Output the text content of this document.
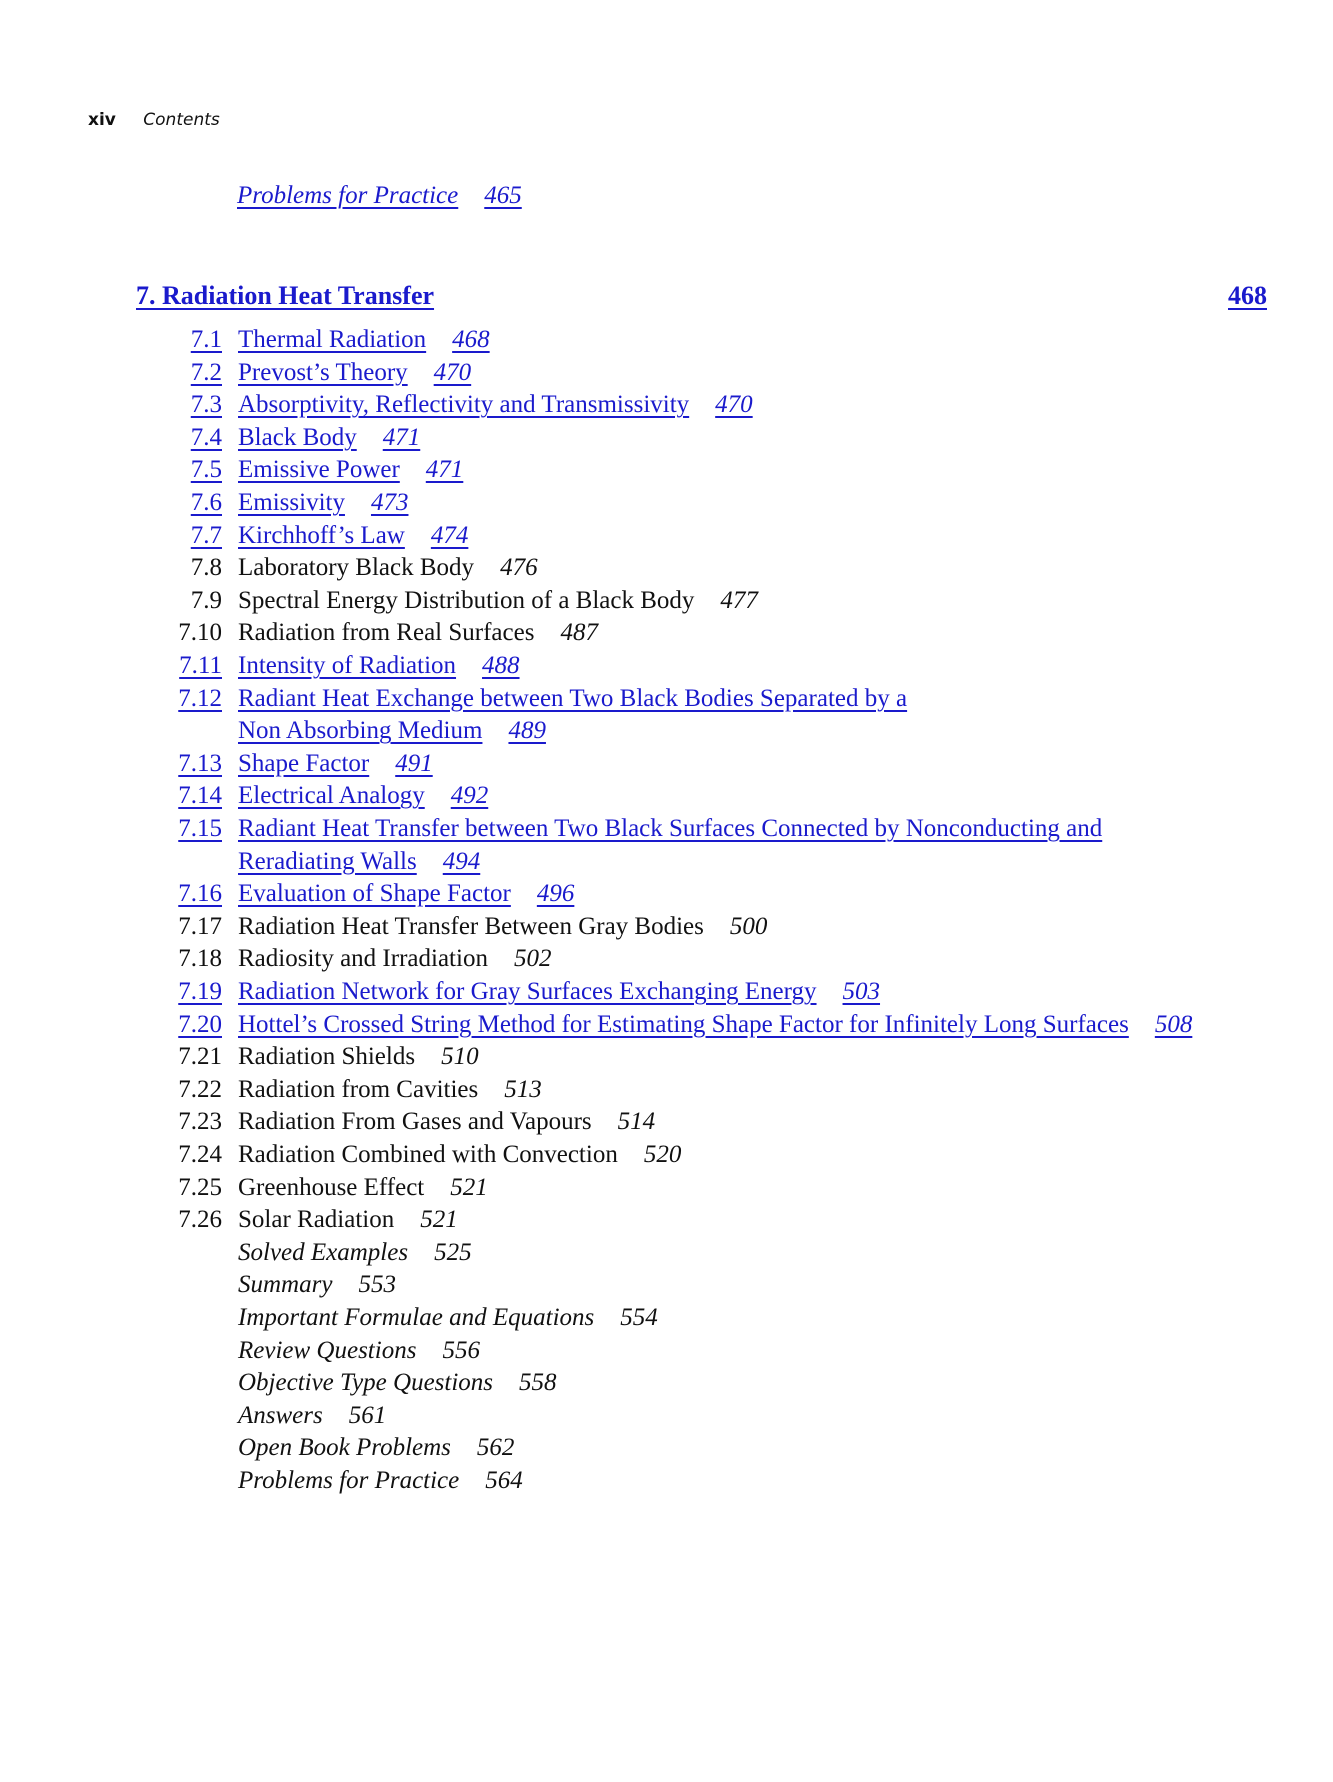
xiv Contents
Problems for Practice 465
7. Radiation Heat Transfer	468
7.1 Thermal Radiation 468
7.2 Prevost’s Theory 470
7.3 Absorptivity, Reflectivity and Transmissivity 470
7.4 Black Body 471
7.5 Emissive Power 471
7.6 Emissivity 473
7.7 Kirchhoff’s Law 474
7.8 Laboratory Black Body 476
7.9 Spectral Energy Distribution of a Black Body 477
7.10 Radiation from Real Surfaces 487
7.11 Intensity of Radiation 488
7.12 Radiant Heat Exchange between Two Black Bodies Separated by a
Non Absorbing Medium 489
7.13 Shape Factor 491
7.14 Electrical Analogy 492
7.15 Radiant Heat Transfer between Two Black Surfaces Connected by Nonconducting and
Reradiating Walls 494
7.16 Evaluation of Shape Factor 496
7.17 Radiation Heat Transfer Between Gray Bodies 500
7.18 Radiosity and Irradiation 502
7.19 Radiation Network for Gray Surfaces Exchanging Energy 503
7.20 Hottel’s Crossed String Method for Estimating Shape Factor for Infinitely Long Surfaces 508
7.21 Radiation Shields 510
7.22 Radiation from Cavities 513
7.23 Radiation From Gases and Vapours 514
7.24 Radiation Combined with Convection 520
7.25 Greenhouse Effect 521
7.26 Solar Radiation 521
Solved Examples 525
Summary 553
Important Formulae and Equations 554
Review Questions 556
Objective Type Questions 558
Answers 561
Open Book Problems 562
Problems for Practice 564
